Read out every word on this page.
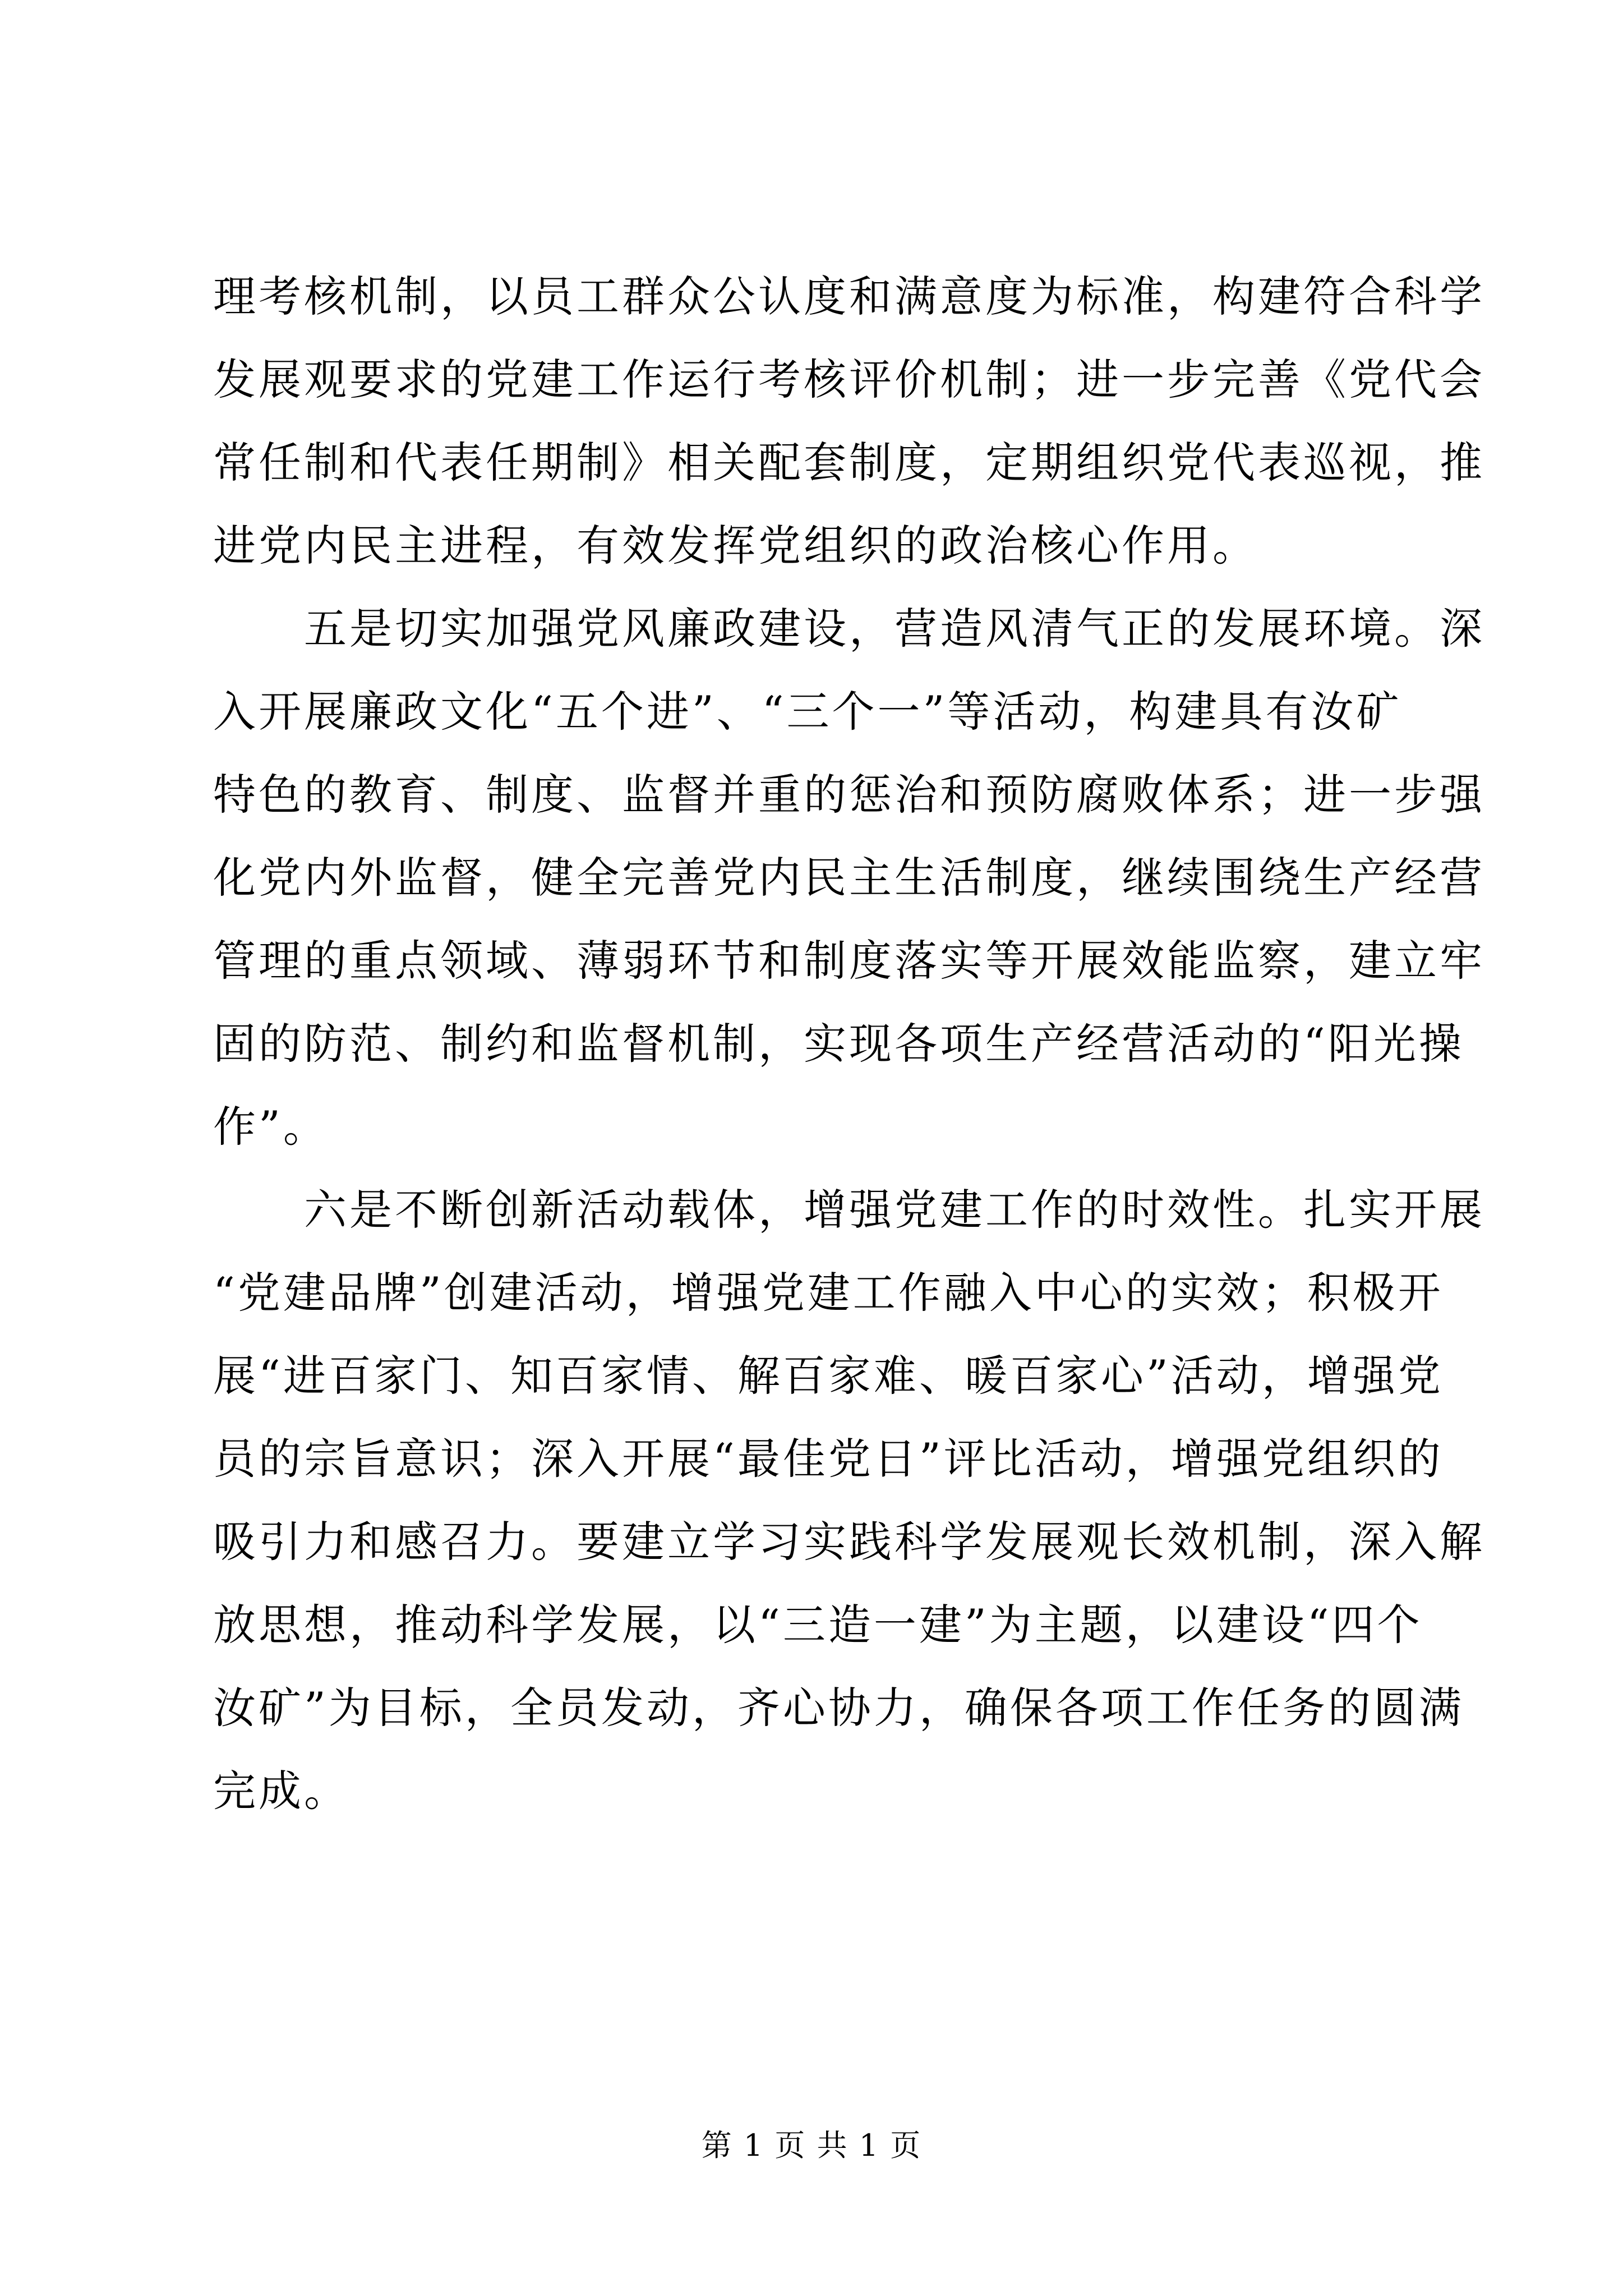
理考核机制，以员工群众公认度和满意度为标准，构建符合科学
发展观要求的党建工作运行考核评价机制；进一步完善《党代会
常任制和代表任期制》相关配套制度，定期组织党代表巡视，推
进党内民主进程，有效发挥党组织的政治核心作用。
五是切实加强党风廉政建设，营造风清气正的发展环境。深
入开展廉政文化“五个进”、“三个一”等活动，构建具有汝矿
特色的教育、制度、监督并重的惩治和预防腐败体系；进一步强
化党内外监督，健全完善党内民主生活制度，继续围绕生产经营
管理的重点领域、薄弱环节和制度落实等开展效能监察，建立牢
固的防范、制约和监督机制，实现各项生产经营活动的“阳光操
作”。
六是不断创新活动载体，增强党建工作的时效性。扎实开展
“党建品牌”创建活动，增强党建工作融入中心的实效；积极开
展“进百家门、知百家情、解百家难、暖百家心”活动，增强党
员的宗旨意识；深入开展“最佳党日”评比活动，增强党组织的
吸引力和感召力。要建立学习实践科学发展观长效机制，深入解
放思想，推动科学发展，以“三造一建”为主题，以建设“四个
汝矿”为目标，全员发动，齐心协力，确保各项工作任务的圆满
完成。
第 1 页 共 1 页
